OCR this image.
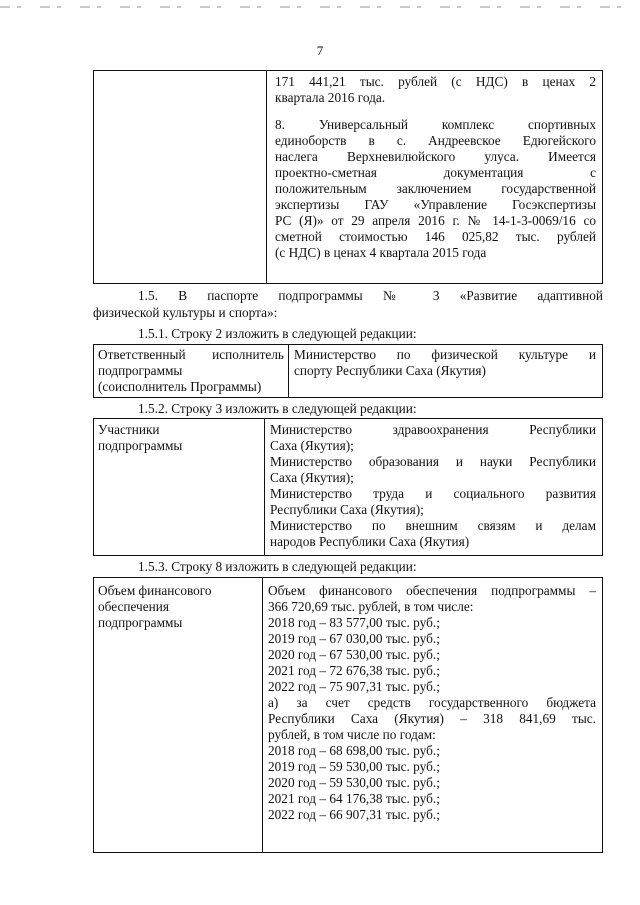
7

171 441,21 тыс. рублей (с НДС) в ценах 2
квартала 2016 года.
8. Универсальный комплекс спортивных
единоборств в с. Андреевское Едюгейского
наслега Верхневилюйского улуса. Имеется
проектно-сметная документация с
положительным заключением государственной
экспертизы ГАУ «Управление Госэкспертизы
РС (Я)» от 29 апреля 2016 г. № 14-1-3-0069/16 со
сметной стоимостью 146 025,82 тыс. рублей
(с НДС) в ценах 4 квартала 2015 года
1.5. В паспорте подпрограммы № 3 «Развитие адаптивной
физической культуры и спорта»:
1.5.1. Строку 2 изложить в следующей редакции:
Ответственный исполнитель
подпрограммы
(соисполнитель Программы)

Министерство по физической культуре и
спорту Республики Саха (Якутия)
1.5.2. Строку 3 изложить в следующей редакции:
Участники
подпрограммы

Министерство здравоохранения Республики
Саха (Якутия);
Министерство образования и науки Республики
Саха (Якутия);
Министерство труда и социального развития
Республики Саха (Якутия);
Министерство по внешним связям и делам
народов Республики Саха (Якутия)
1.5.3. Строку 8 изложить в следующей редакции:
Объем финансового
обеспечения
подпрограммы

Объем финансового обеспечения подпрограммы –
366 720,69 тыс. рублей, в том числе:
2018 год – 83 577,00 тыс. руб.;
2019 год – 67 030,00 тыс. руб.;
2020 год – 67 530,00 тыс. руб.;
2021 год – 72 676,38 тыс. руб.;
2022 год – 75 907,31 тыс. руб.;
а) за счет средств государственного бюджета
Республики Саха (Якутия) – 318 841,69 тыс.
рублей, в том числе по годам:
2018 год – 68 698,00 тыс. руб.;
2019 год – 59 530,00 тыс. руб.;
2020 год – 59 530,00 тыс. руб.;
2021 год – 64 176,38 тыс. руб.;
2022 год – 66 907,31 тыс. руб.;
